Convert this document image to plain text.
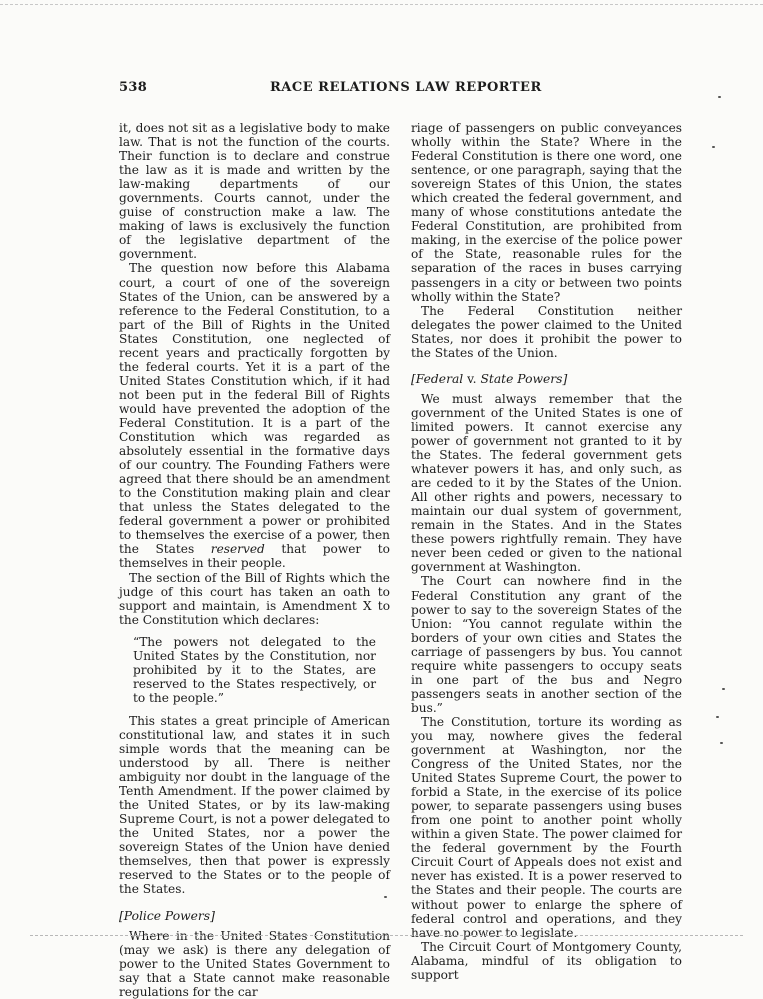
538	RACE RELATIONS LAW REPORTER

it, does not sit as a legislative body to make law. That is not the function of the courts. Their function is to declare and construe the law as it is made and written by the law-making departments of our governments. Courts cannot, under the guise of construction make a law. The making of laws is exclusively the function of the legislative department of the government.

The question now before this Alabama court, a court of one of the sovereign States of the Union, can be answered by a reference to the Federal Constitution, to a part of the Bill of Rights in the United States Constitution, one neglected of recent years and practically forgotten by the federal courts. Yet it is a part of the United States Constitution which, if it had not been put in the federal Bill of Rights would have prevented the adoption of the Federal Constitution. It is a part of the Constitution which was regarded as absolutely essential in the formative days of our country. The Founding Fathers were agreed that there should be an amendment to the Constitution making plain and clear that unless the States delegated to the federal government a power or prohibited to themselves the exercise of a power, then the States reserved that power to themselves in their people.

The section of the Bill of Rights which the judge of this court has taken an oath to support and maintain, is Amendment X to the Constitution which declares:

“The powers not delegated to the United States by the Constitution, nor prohibited by it to the States, are reserved to the States respectively, or to the people.”

This states a great principle of American constitutional law, and states it in such simple words that the meaning can be understood by all. There is neither ambiguity nor doubt in the language of the Tenth Amendment. If the power claimed by the United States, or by its law-making Supreme Court, is not a power delegated to the United States, nor a power the sovereign States of the Union have denied themselves, then that power is expressly reserved to the States or to the people of the States.

[Police Powers]

Where in the United States Constitution (may we ask) is there any delegation of power to the United States Government to say that a State cannot make reasonable regulations for the car

riage of passengers on public conveyances wholly within the State? Where in the Federal Constitution is there one word, one sentence, or one paragraph, saying that the sovereign States of this Union, the states which created the federal government, and many of whose constitutions antedate the Federal Constitution, are prohibited from making, in the exercise of the police power of the State, reasonable rules for the separation of the races in buses carrying passengers in a city or between two points wholly within the State?

The Federal Constitution neither delegates the power claimed to the United States, nor does it prohibit the power to the States of the Union.

[Federal v. State Powers]

We must always remember that the government of the United States is one of limited powers. It cannot exercise any power of government not granted to it by the States. The federal government gets whatever powers it has, and only such, as are ceded to it by the States of the Union. All other rights and powers, necessary to maintain our dual system of government, remain in the States. And in the States these powers rightfully remain. They have never been ceded or given to the national government at Washington.

The Court can nowhere find in the Federal Constitution any grant of the power to say to the sovereign States of the Union: “You cannot regulate within the borders of your own cities and States the carriage of passengers by bus. You cannot require white passengers to occupy seats in one part of the bus and Negro passengers seats in another section of the bus.”

The Constitution, torture its wording as you may, nowhere gives the federal government at Washington, nor the Congress of the United States, nor the United States Supreme Court, the power to forbid a State, in the exercise of its police power, to separate passengers using buses from one point to another point wholly within a given State. The power claimed for the federal government by the Fourth Circuit Court of Appeals does not exist and never has existed. It is a power reserved to the States and their people. The courts are without power to enlarge the sphere of federal control and operations, and they have no power to legislate.

The Circuit Court of Montgomery County, Alabama, mindful of its obligation to support
